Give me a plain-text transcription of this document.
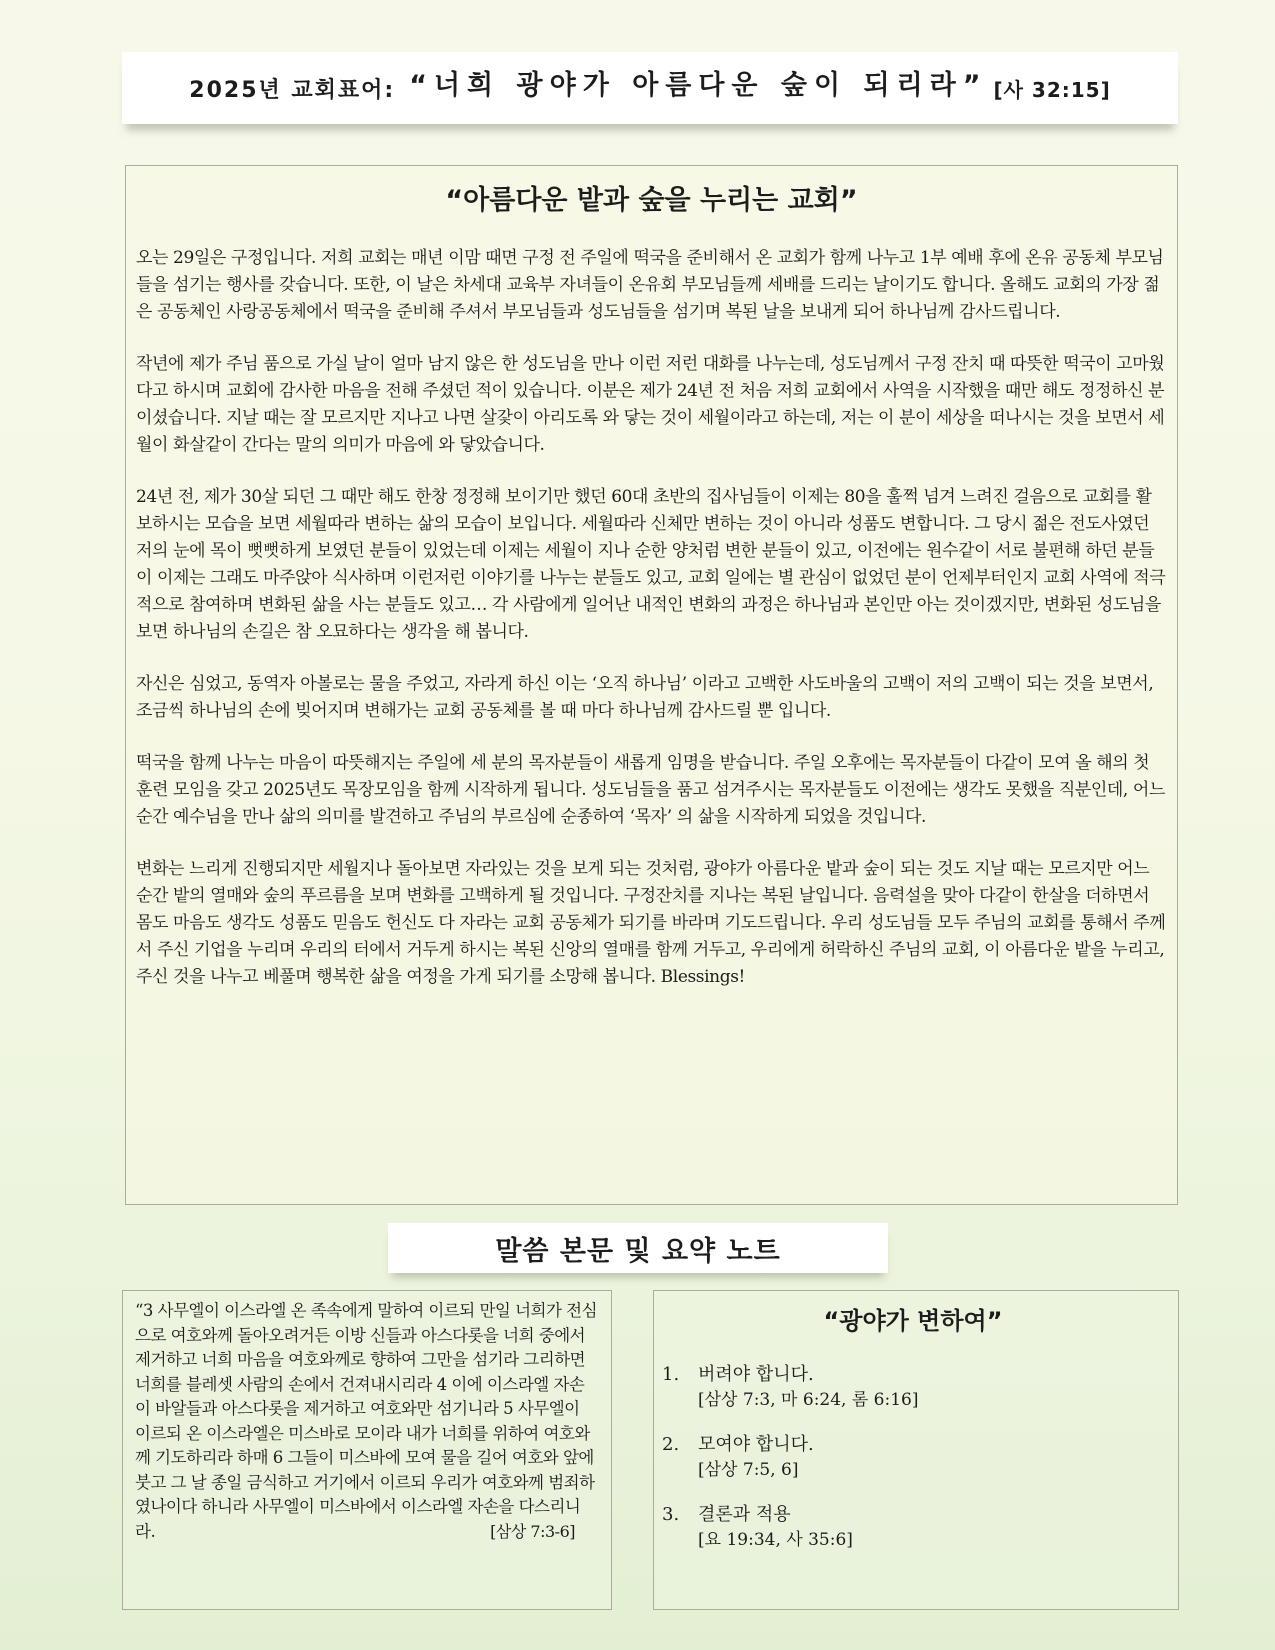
2025년 교회표어: “너희 광야가 아름다운 숲이 되리라” [사 32:15]
“아름다운 밭과 숲을 누리는 교회”

오는 29일은 구정입니다. 저희 교회는 매년 이맘 때면 구정 전 주일에 떡국을 준비해서 온 교회가 함께 나누고 1부 예배 후에 온유 공동체 부모님들을 섬기는 행사를 갖습니다. 또한, 이 날은 차세대 교육부 자녀들이 온유회 부모님들께 세배를 드리는 날이기도 합니다. 올해도 교회의 가장 젊은 공동체인 사랑공동체에서 떡국을 준비해 주셔서 부모님들과 성도님들을 섬기며 복된 날을 보내게 되어 하나님께 감사드립니다.

작년에 제가 주님 품으로 가실 날이 얼마 남지 않은 한 성도님을 만나 이런 저런 대화를 나누는데, 성도님께서 구정 잔치 때 따뜻한 떡국이 고마웠다고 하시며 교회에 감사한 마음을 전해 주셨던 적이 있습니다. 이분은 제가 24년 전 처음 저희 교회에서 사역을 시작했을 때만 해도 정정하신 분이셨습니다. 지날 때는 잘 모르지만 지나고 나면 살갗이 아리도록 와 닿는 것이 세월이라고 하는데, 저는 이 분이 세상을 떠나시는 것을 보면서 세월이 화살같이 간다는 말의 의미가 마음에 와 닿았습니다.

24년 전, 제가 30살 되던 그 때만 해도 한창 정정해 보이기만 했던 60대 초반의 집사님들이 이제는 80을 훌쩍 넘겨 느려진 걸음으로 교회를 활보하시는 모습을 보면 세월따라 변하는 삶의 모습이 보입니다. 세월따라 신체만 변하는 것이 아니라 성품도 변합니다. 그 당시 젊은 전도사였던 저의 눈에 목이 뻣뻣하게 보였던 분들이 있었는데 이제는 세월이 지나 순한 양처럼 변한 분들이 있고, 이전에는 원수같이 서로 불편해 하던 분들이 이제는 그래도 마주앉아 식사하며 이런저런 이야기를 나누는 분들도 있고, 교회 일에는 별 관심이 없었던 분이 언제부터인지 교회 사역에 적극적으로 참여하며 변화된 삶을 사는 분들도 있고… 각 사람에게 일어난 내적인 변화의 과정은 하나님과 본인만 아는 것이겠지만, 변화된 성도님을 보면 하나님의 손길은 참 오묘하다는 생각을 해 봅니다.

자신은 심었고, 동역자 아볼로는 물을 주었고, 자라게 하신 이는 ‘오직 하나님’ 이라고 고백한 사도바울의 고백이 저의 고백이 되는 것을 보면서, 조금씩 하나님의 손에 빚어지며 변해가는 교회 공동체를 볼 때 마다 하나님께 감사드릴 뿐 입니다.

떡국을 함께 나누는 마음이 따뜻해지는 주일에 세 분의 목자분들이 새롭게 임명을 받습니다. 주일 오후에는 목자분들이 다같이 모여 올 해의 첫 훈련 모임을 갖고 2025년도 목장모임을 함께 시작하게 됩니다. 성도님들을 품고 섬겨주시는 목자분들도 이전에는 생각도 못했을 직분인데, 어느 순간 예수님을 만나 삶의 의미를 발견하고 주님의 부르심에 순종하여 ‘목자’ 의 삶을 시작하게 되었을 것입니다.

변화는 느리게 진행되지만 세월지나 돌아보면 자라있는 것을 보게 되는 것처럼, 광야가 아름다운 밭과 숲이 되는 것도 지날 때는 모르지만 어느 순간 밭의 열매와 숲의 푸르름을 보며 변화를 고백하게 될 것입니다. 구정잔치를 지나는 복된 날입니다. 음력설을 맞아 다같이 한살을 더하면서 몸도 마음도 생각도 성품도 믿음도 헌신도 다 자라는 교회 공동체가 되기를 바라며 기도드립니다. 우리 성도님들 모두 주님의 교회를 통해서 주께서 주신 기업을 누리며 우리의 터에서 거두게 하시는 복된 신앙의 열매를 함께 거두고, 우리에게 허락하신 주님의 교회, 이 아름다운 밭을 누리고, 주신 것을 나누고 베풀며 행복한 삶을 여정을 가게 되기를 소망해 봅니다. Blessings!

말씀 본문 및 요약 노트

“3 사무엘이 이스라엘 온 족속에게 말하여 이르되 만일 너희가 전심으로 여호와께 돌아오려거든 이방 신들과 아스다롯을 너희 중에서 제거하고 너희 마음을 여호와께로 향하여 그만을 섬기라 그리하면 너희를 블레셋 사람의 손에서 건져내시리라 4 이에 이스라엘 자손이 바알들과 아스다롯을 제거하고 여호와만 섬기니라 5 사무엘이 이르되 온 이스라엘은 미스바로 모이라 내가 너희를 위하여 여호와께 기도하리라 하매 6 그들이 미스바에 모여 물을 길어 여호와 앞에 붓고 그 날 종일 금식하고 거기에서 이르되 우리가 여호와께 범죄하였나이다 하니라 사무엘이 미스바에서 이스라엘 자손을 다스리니라.	[삼상 7:3-6]

“광야가 변하여”
1.	버려야 합니다.
[삼상 7:3, 마 6:24, 롬 6:16]
2.	모여야 합니다.
[삼상 7:5, 6]
3.	결론과 적용
[요 19:34, 사 35:6]
